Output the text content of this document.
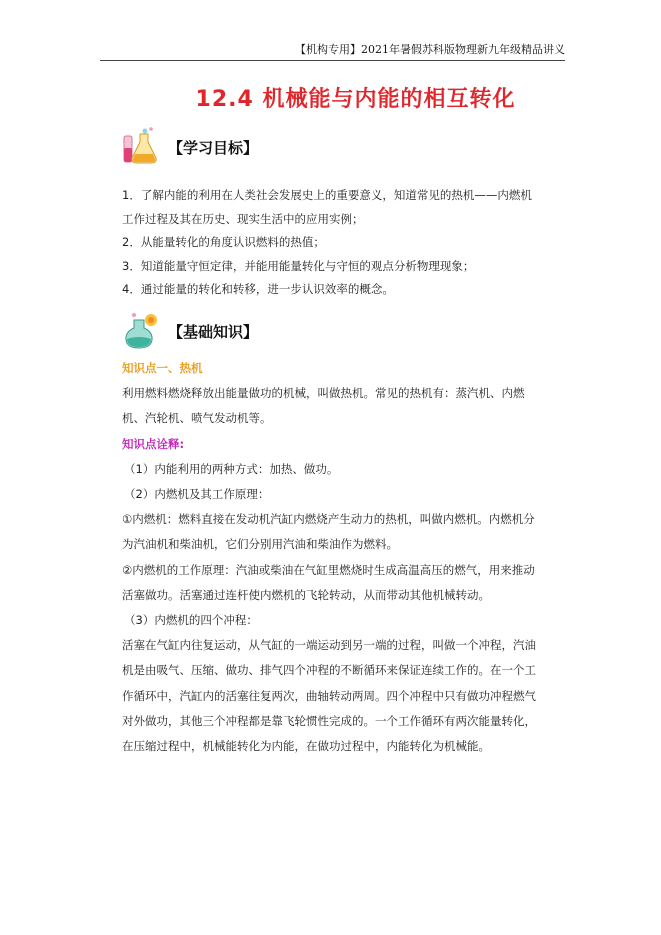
【机构专用】2021年暑假苏科版物理新九年级精品讲义
12.4 机械能与内能的相互转化
【学习目标】

1．了解内能的利用在人类社会发展史上的重要意义，知道常见的热机——内燃机工作过程及其在历史、现实生活中的应用实例；

2．从能量转化的角度认识燃料的热值；

3．知道能量守恒定律，并能用能量转化与守恒的观点分析物理现象；

4．通过能量的转化和转移，进一步认识效率的概念。

【基础知识】

知识点一、热机

利用燃料燃烧释放出能量做功的机械，叫做热机。常见的热机有：蒸汽机、内燃机、汽轮机、喷气发动机等。

知识点诠释:

（1）内能利用的两种方式：加热、做功。

（2）内燃机及其工作原理：

①内燃机：燃料直接在发动机汽缸内燃烧产生动力的热机，叫做内燃机。内燃机分为汽油机和柴油机，它们分别用汽油和柴油作为燃料。

②内燃机的工作原理：汽油或柴油在气缸里燃烧时生成高温高压的燃气，用来推动活塞做功。活塞通过连杆使内燃机的飞轮转动，从而带动其他机械转动。

（3）内燃机的四个冲程：

活塞在气缸内往复运动，从气缸的一端运动到另一端的过程，叫做一个冲程，汽油机是由吸气、压缩、做功、排气四个冲程的不断循环来保证连续工作的。在一个工作循环中，汽缸内的活塞往复两次，曲轴转动两周。四个冲程中只有做功冲程燃气对外做功，其他三个冲程都是靠飞轮惯性完成的。一个工作循环有两次能量转化，在压缩过程中，机械能转化为内能，在做功过程中，内能转化为机械能。
